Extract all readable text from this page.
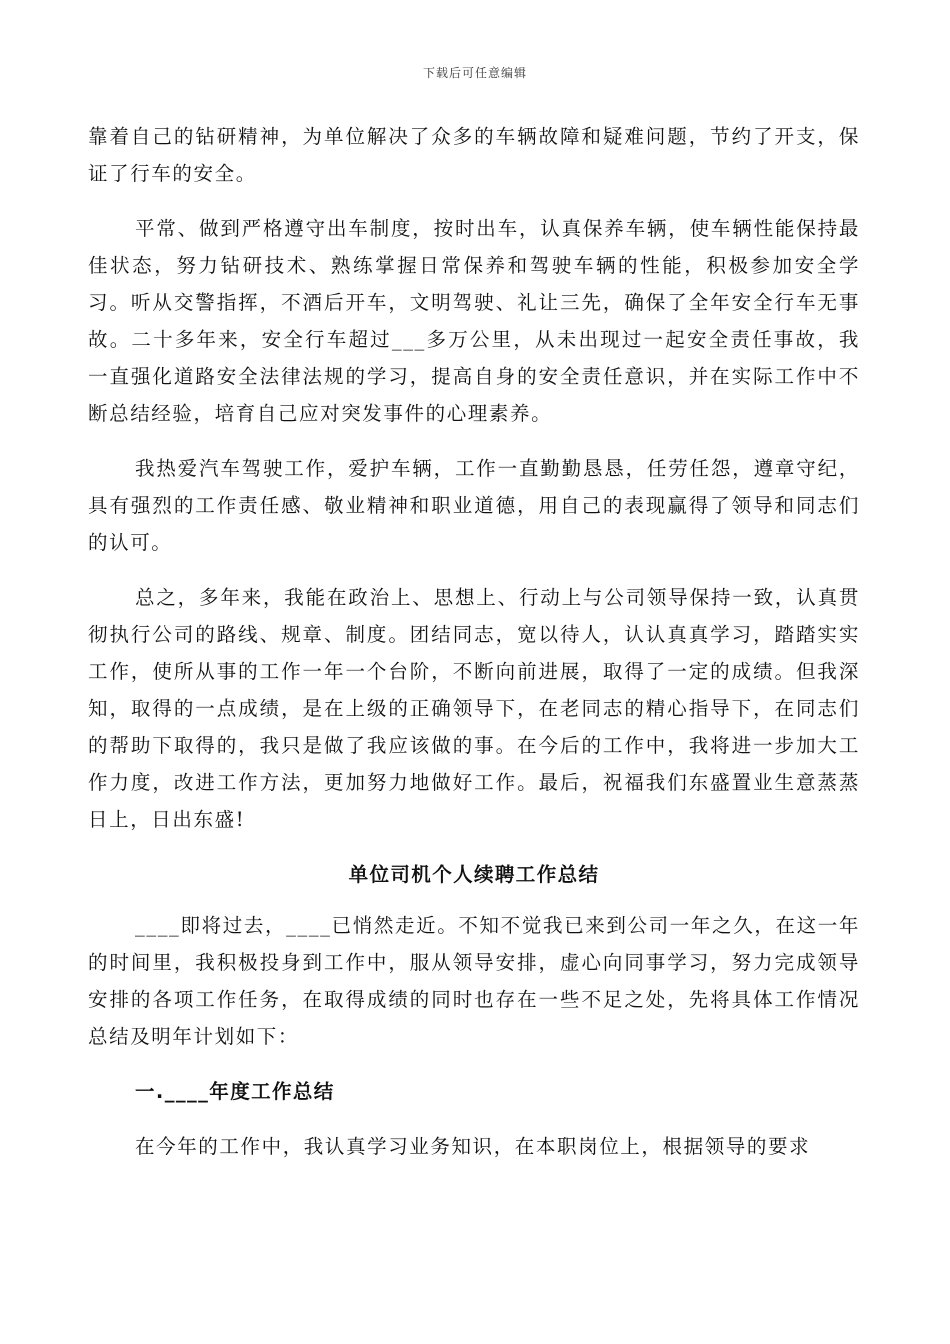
下载后可任意编辑

靠着自己的钻研精神，为单位解决了众多的车辆故障和疑难问题，节约了开支，保证了行车的安全。

平常、做到严格遵守出车制度，按时出车，认真保养车辆，使车辆性能保持最佳状态，努力钻研技术、熟练掌握日常保养和驾驶车辆的性能，积极参加安全学习。听从交警指挥，不酒后开车，文明驾驶、礼让三先，确保了全年安全行车无事故。二十多年来，安全行车超过___多万公里，从未出现过一起安全责任事故，我一直强化道路安全法律法规的学习，提高自身的安全责任意识，并在实际工作中不断总结经验，培育自己应对突发事件的心理素养。

我热爱汽车驾驶工作，爱护车辆，工作一直勤勤恳恳，任劳任怨，遵章守纪，具有强烈的工作责任感、敬业精神和职业道德，用自己的表现赢得了领导和同志们的认可。

总之，多年来，我能在政治上、思想上、行动上与公司领导保持一致，认真贯彻执行公司的路线、规章、制度。团结同志，宽以待人，认认真真学习，踏踏实实工作，使所从事的工作一年一个台阶，不断向前进展，取得了一定的成绩。但我深知，取得的一点成绩，是在上级的正确领导下，在老同志的精心指导下，在同志们的帮助下取得的，我只是做了我应该做的事。在今后的工作中，我将进一步加大工作力度，改进工作方法，更加努力地做好工作。最后，祝福我们东盛置业生意蒸蒸日上，日出东盛!

单位司机个人续聘工作总结

____即将过去，____已悄然走近。不知不觉我已来到公司一年之久，在这一年的时间里，我积极投身到工作中，服从领导安排，虚心向同事学习，努力完成领导安排的各项工作任务，在取得成绩的同时也存在一些不足之处，先将具体工作情况总结及明年计划如下：

一.____年度工作总结

在今年的工作中，我认真学习业务知识，在本职岗位上，根据领导的要求
